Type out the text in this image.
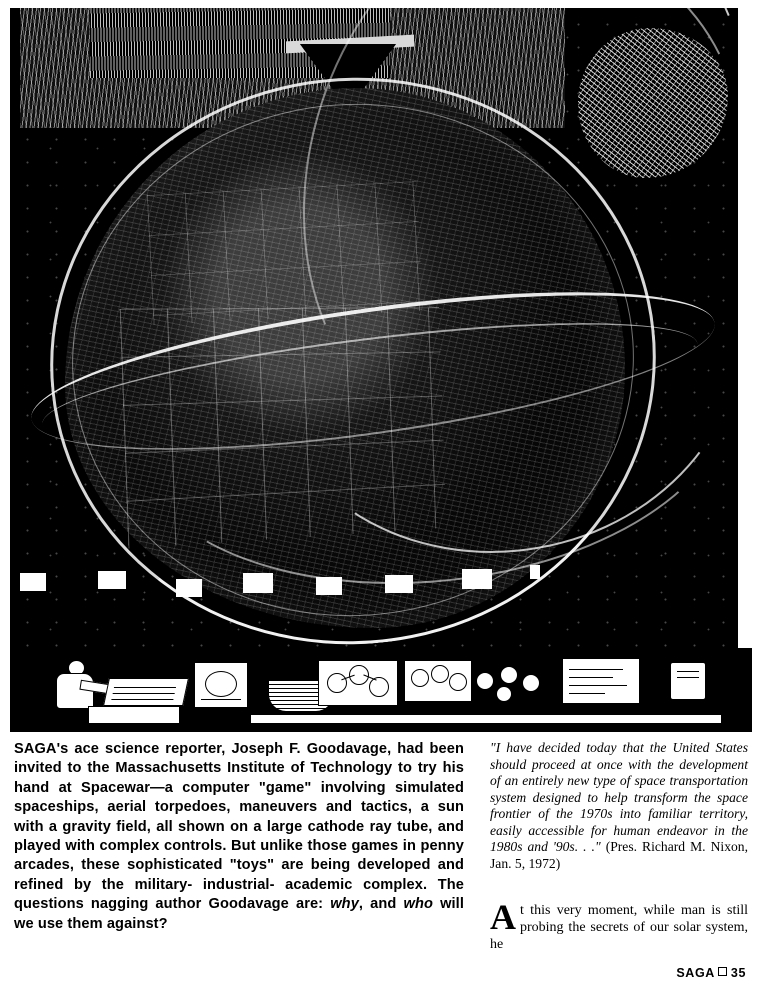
SAGA's ace science reporter, Joseph F. Goodavage, had been invited to the Massachusetts Institute of Technology to try his hand at Spacewar—a computer "game" involving simulated spaceships, aerial torpedoes, maneuvers and tactics, a sun with a gravity field, all shown on a large cathode ray tube, and played with complex controls. But unlike those games in penny arcades, these sophisticated "toys" are being developed and refined by the military- industrial- academic complex. The questions nagging author Goodavage are: why, and who will we use them against?
"I have decided today that the United States should proceed at once with the development of an entirely new type of space transportation system designed to help transform the space frontier of the 1970s into familiar territory, easily accessible for human endeavor in the 1980s and '90s. . ." (Pres. Richard M. Nixon, Jan. 5, 1972)
At this very moment, while man is still probing the secrets of our solar system, he
SAGA 35
